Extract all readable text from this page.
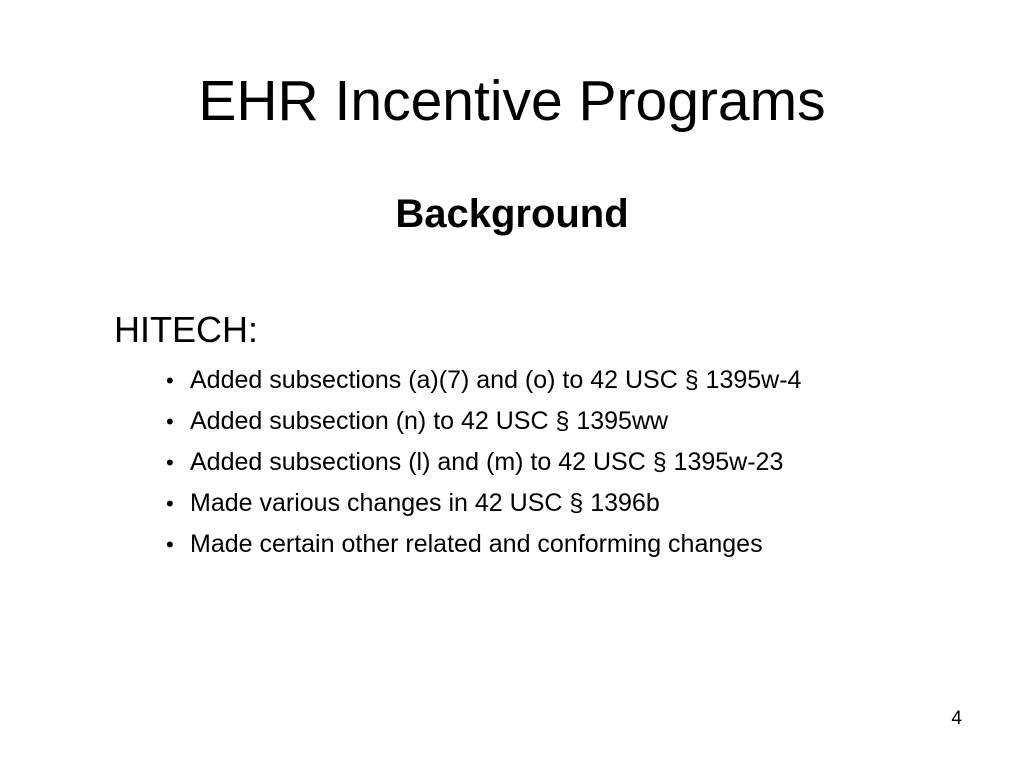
EHR Incentive Programs
Background
HITECH:
• Added subsections (a)(7) and (o) to 42 USC § 1395w-4
• Added subsection (n) to 42 USC § 1395ww
• Added subsections (l) and (m) to 42 USC § 1395w-23
• Made various changes in 42 USC § 1396b
• Made certain other related and conforming changes
4
